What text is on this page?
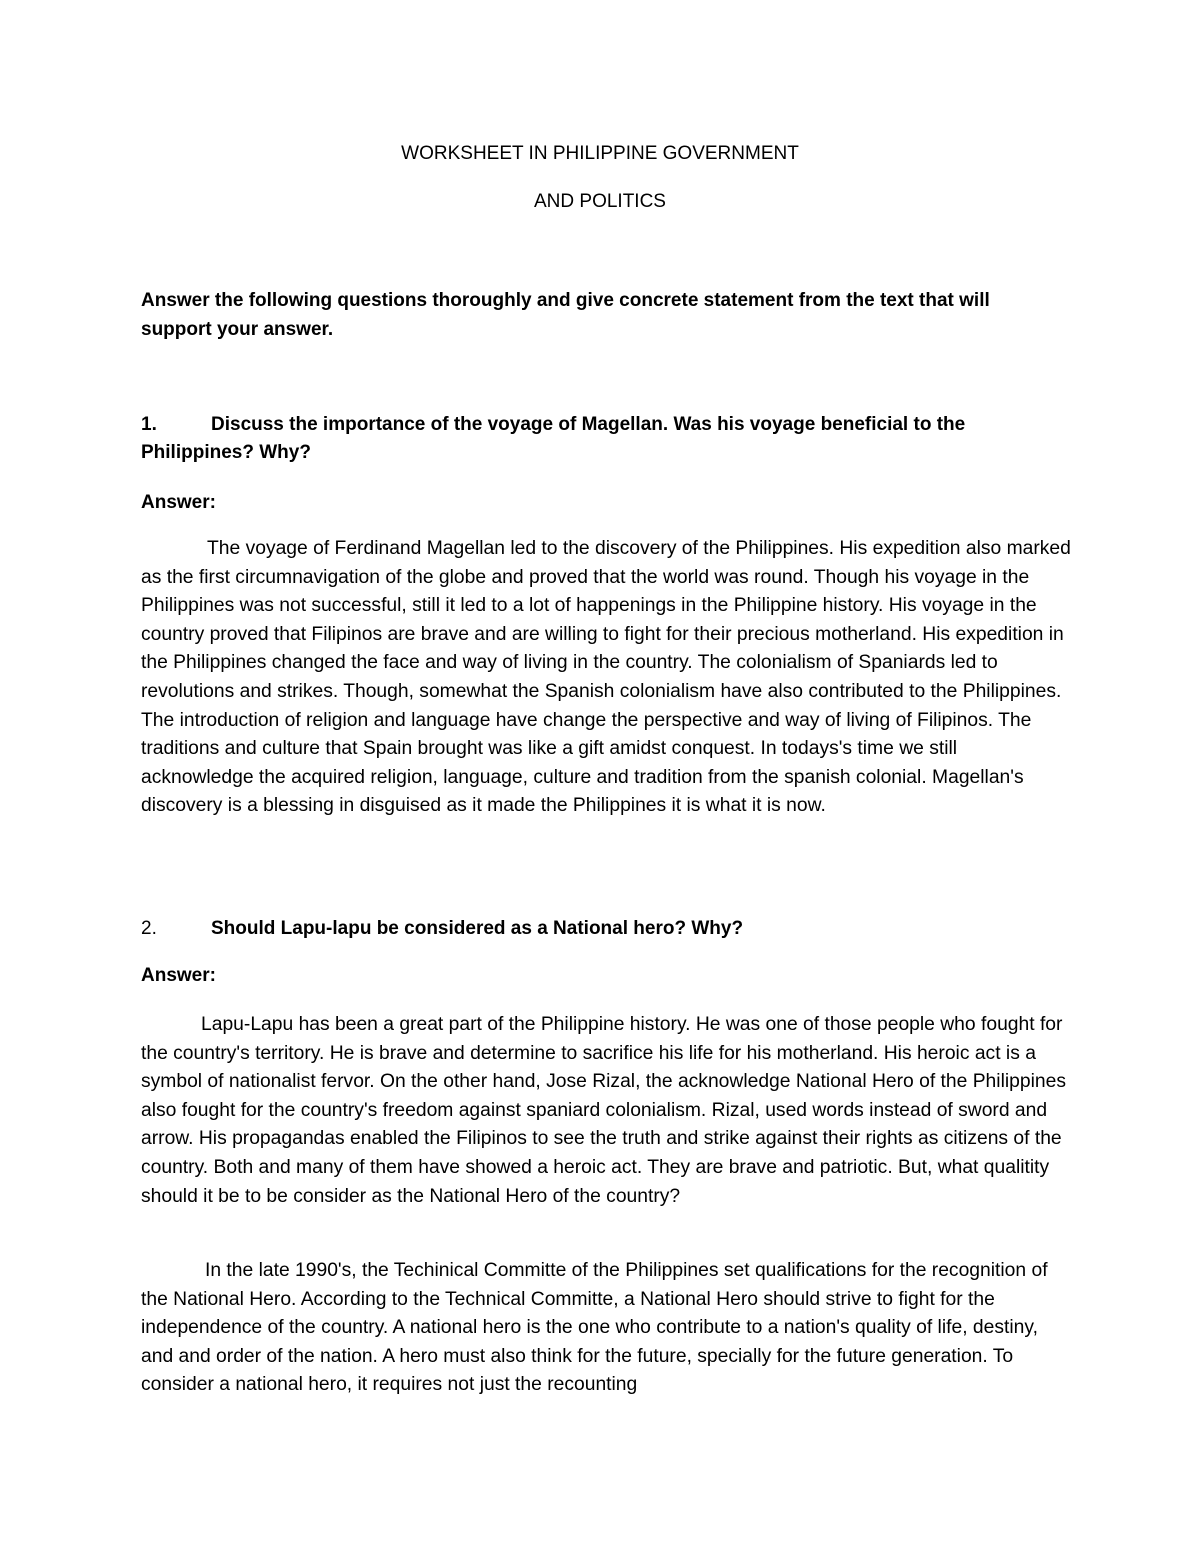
WORKSHEET IN PHILIPPINE GOVERNMENT
AND POLITICS

Answer the following questions thoroughly and give concrete statement from the text that will support your answer.

1.	Discuss the importance of the voyage of Magellan. Was his voyage beneficial to the Philippines? Why?

Answer:

The voyage of Ferdinand Magellan led to the discovery of the Philippines. His expedition also marked as the first circumnavigation of the globe and proved that the world was round. Though his voyage in the Philippines was not successful, still it led to a lot of happenings in the Philippine history. His voyage in the country proved that Filipinos are brave and are willing to fight for their precious motherland. His expedition in the Philippines changed the face and way of living in the country. The colonialism of Spaniards led to revolutions and strikes. Though, somewhat the Spanish colonialism have also contributed to the Philippines. The introduction of religion and language have change the perspective and way of living of Filipinos. The traditions and culture that Spain brought was like a gift amidst conquest. In todays's time we still acknowledge the acquired religion, language, culture and tradition from the spanish colonial. Magellan's discovery is a blessing in disguised as it made the Philippines it is what it is now.

2.	Should Lapu-lapu be considered as a National hero? Why?

Answer:

Lapu-Lapu has been a great part of the Philippine history. He was one of those people who fought for the country's territory. He is brave and determine to sacrifice his life for his motherland. His heroic act is a symbol of nationalist fervor. On the other hand, Jose Rizal, the acknowledge National Hero of the Philippines also fought for the country's freedom against spaniard colonialism. Rizal, used words instead of sword and arrow. His propagandas enabled the Filipinos to see the truth and strike against their rights as citizens of the country. Both and many of them have showed a heroic act. They are brave and patriotic. But, what qualitity should it be to be consider as the National Hero of the country?

In the late 1990's, the Techinical Committe of the Philippines set qualifications for the recognition of the National Hero. According to the Technical Committe, a National Hero should strive to fight for the independence of the country. A national hero is the one who contribute to a nation's quality of life, destiny, and and order of the nation. A hero must also think for the future, specially for the future generation. To consider a national hero, it requires not just the recounting
